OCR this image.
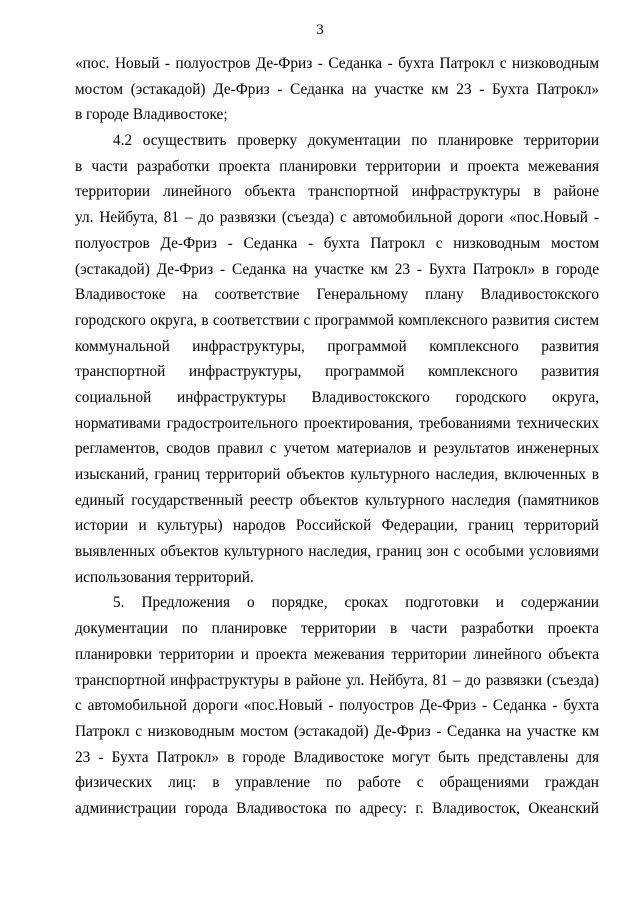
3
«пос. Новый - полуостров Де-Фриз - Седанка - бухта Патрокл с низководным
мостом (эстакадой) Де-Фриз - Седанка на участке км 23 - Бухта Патрокл»
в городе Владивостоке;
4.2 осуществить проверку документации по планировке территории
в части разработки проекта планировки территории и проекта межевания
территории линейного объекта транспортной инфраструктуры в районе
ул. Нейбута, 81 – до развязки (съезда) с автомобильной дороги «пос.Новый -
полуостров Де-Фриз - Седанка - бухта Патрокл с низководным мостом
(эстакадой) Де-Фриз - Седанка на участке км 23 - Бухта Патрокл» в городе
Владивостоке на соответствие Генеральному плану Владивостокского
городского округа, в соответствии с программой комплексного развития систем
коммунальной инфраструктуры, программой комплексного развития
транспортной инфраструктуры, программой комплексного развития
социальной инфраструктуры Владивостокского городского округа,
нормативами градостроительного проектирования, требованиями технических
регламентов, сводов правил с учетом материалов и результатов инженерных
изысканий, границ территорий объектов культурного наследия, включенных в
единый государственный реестр объектов культурного наследия (памятников
истории и культуры) народов Российской Федерации, границ территорий
выявленных объектов культурного наследия, границ зон с особыми условиями
использования территорий.
5. Предложения о порядке, сроках подготовки и содержании
документации по планировке территории в части разработки проекта
планировки территории и проекта межевания территории линейного объекта
транспортной инфраструктуры в районе ул. Нейбута, 81 – до развязки (съезда)
с автомобильной дороги «пос.Новый - полуостров Де-Фриз - Седанка - бухта
Патрокл с низководным мостом (эстакадой) Де-Фриз - Седанка на участке км
23 - Бухта Патрокл» в городе Владивостоке могут быть представлены для
физических лиц: в управление по работе с обращениями граждан
администрации города Владивостока по адресу: г. Владивосток, Океанский
